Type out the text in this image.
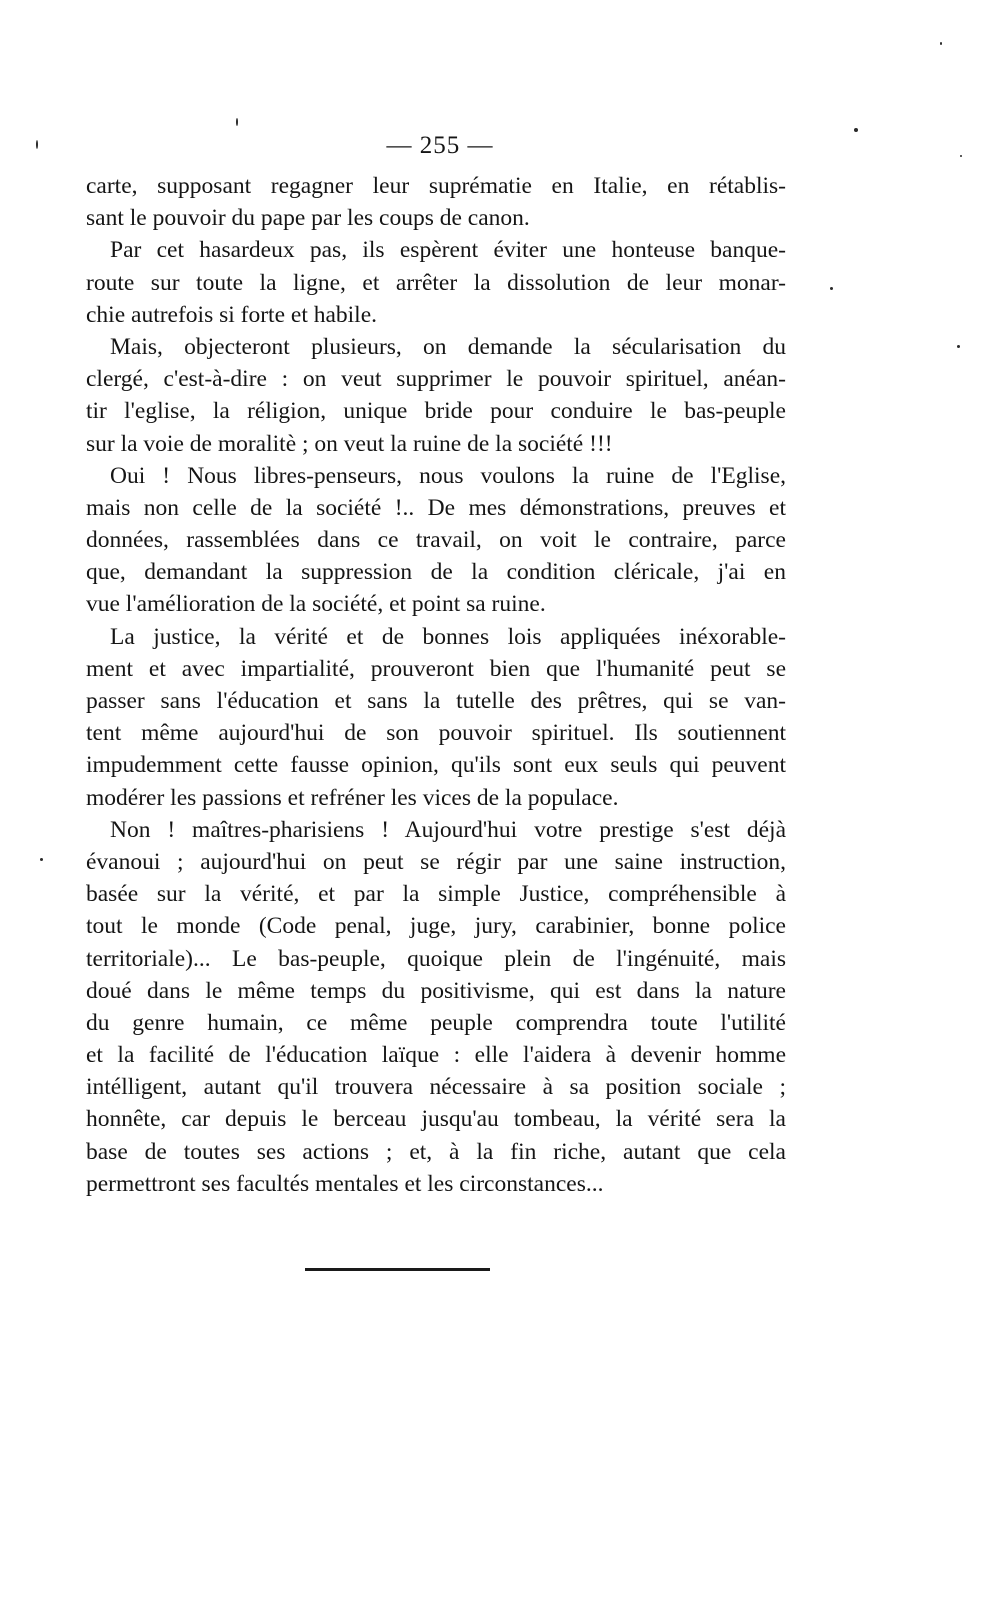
— 255 —
carte, supposant regagner leur suprématie en Italie, en rétablis-
sant le pouvoir du pape par les coups de canon.
Par cet hasardeux pas, ils espèrent éviter une honteuse banque-
route sur toute la ligne, et arrêter la dissolution de leur monar-
chie autrefois si forte et habile.
Mais, objecteront plusieurs, on demande la sécularisation du
clergé, c'est-à-dire : on veut supprimer le pouvoir spirituel, anéan-
tir l'eglise, la réligion, unique bride pour conduire le bas-peuple
sur la voie de moralitè ; on veut la ruine de la société !!!
Oui ! Nous libres-penseurs, nous voulons la ruine de l'Eglise,
mais non celle de la société !.. De mes démonstrations, preuves et
données, rassemblées dans ce travail, on voit le contraire, parce
que, demandant la suppression de la condition cléricale, j'ai en
vue l'amélioration de la société, et point sa ruine.
La justice, la vérité et de bonnes lois appliquées inéxorable-
ment et avec impartialité, prouveront bien que l'humanité peut se
passer sans l'éducation et sans la tutelle des prêtres, qui se van-
tent même aujourd'hui de son pouvoir spirituel. Ils soutiennent
impudemment cette fausse opinion, qu'ils sont eux seuls qui peuvent
modérer les passions et refréner les vices de la populace.
Non ! maîtres-pharisiens ! Aujourd'hui votre prestige s'est déjà
évanoui ; aujourd'hui on peut se régir par une saine instruction,
basée sur la vérité, et par la simple Justice, compréhensible à
tout le monde (Code penal, juge, jury, carabinier, bonne police
territoriale)... Le bas-peuple, quoique plein de l'ingénuité, mais
doué dans le même temps du positivisme, qui est dans la nature
du genre humain, ce même peuple comprendra toute l'utilité
et la facilité de l'éducation laïque : elle l'aidera à devenir homme
intélligent, autant qu'il trouvera nécessaire à sa position sociale ;
honnête, car depuis le berceau jusqu'au tombeau, la vérité sera la
base de toutes ses actions ; et, à la fin riche, autant que cela
permettront ses facultés mentales et les circonstances...
